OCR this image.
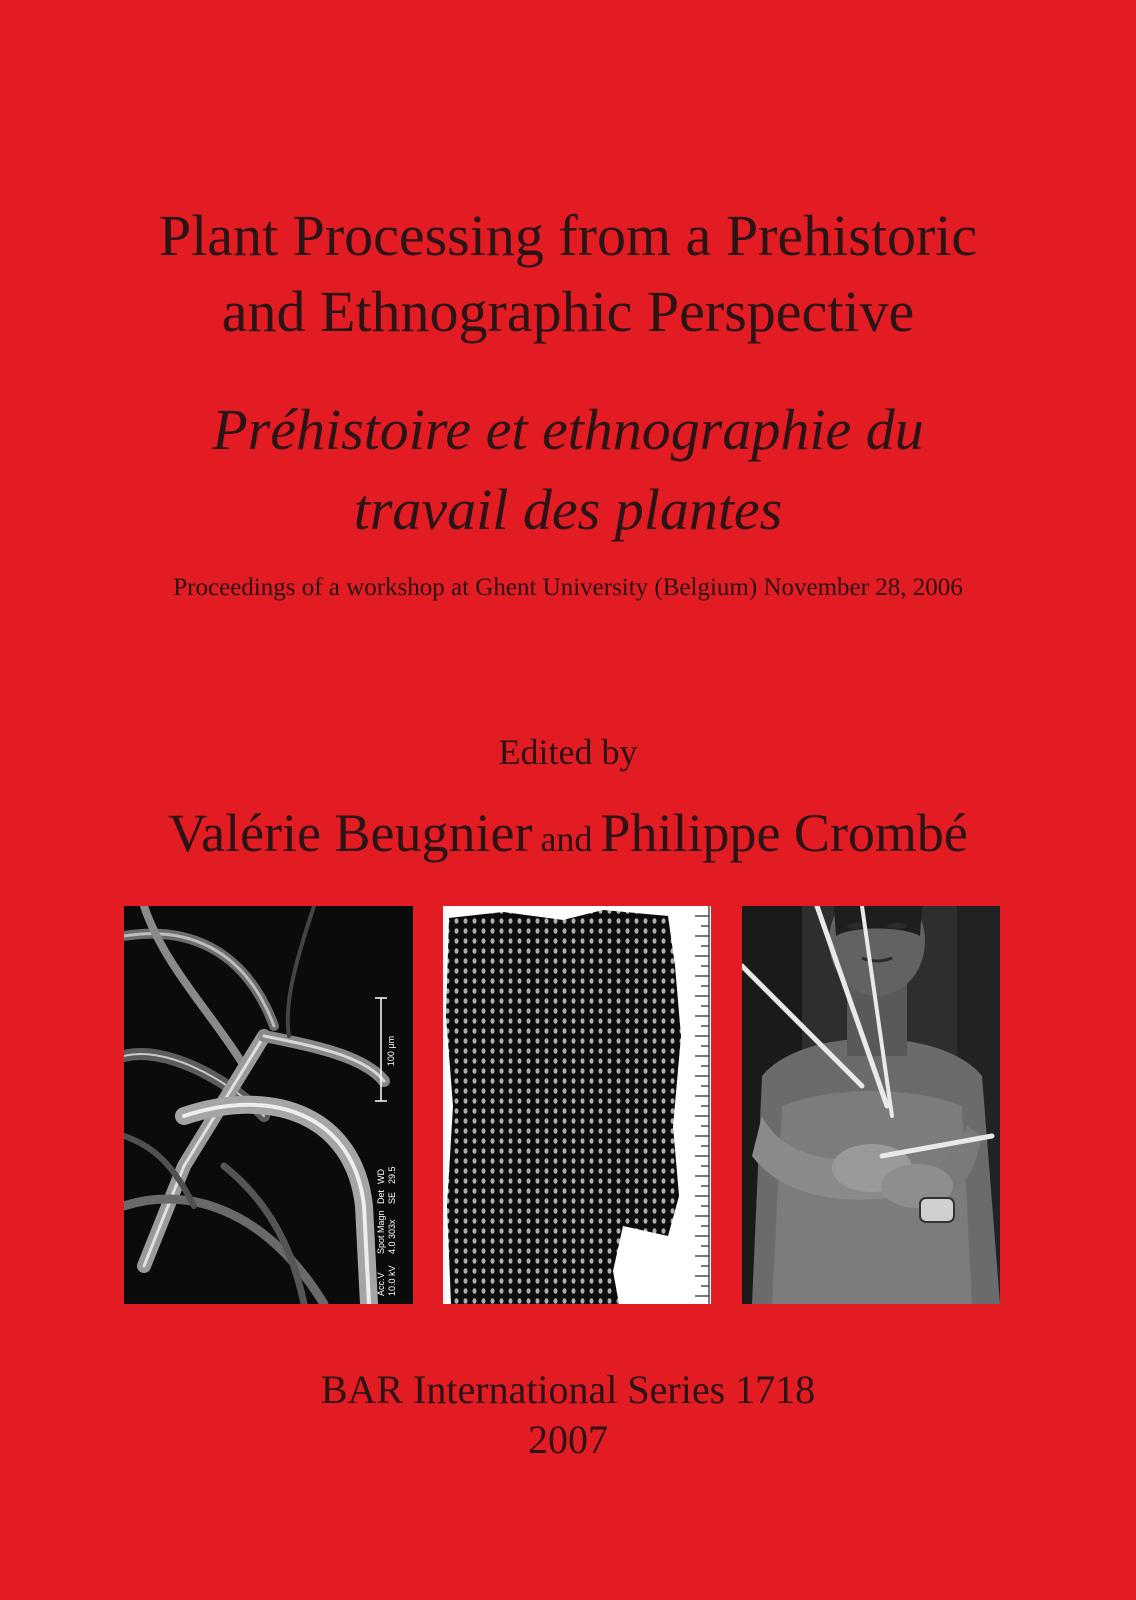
Plant Processing from a Prehistoric
and Ethnographic Perspective
Préhistoire et ethnographie du
travail des plantes
Proceedings of a workshop at Ghent University (Belgium) November 28, 2006
Edited by
Valérie Beugnier and Philippe Crombé
100 μm
Acc.V 10.0 kV
Spot Magn 4.0 303x
Det SE
WD 29.5
BAR International Series 1718
2007
